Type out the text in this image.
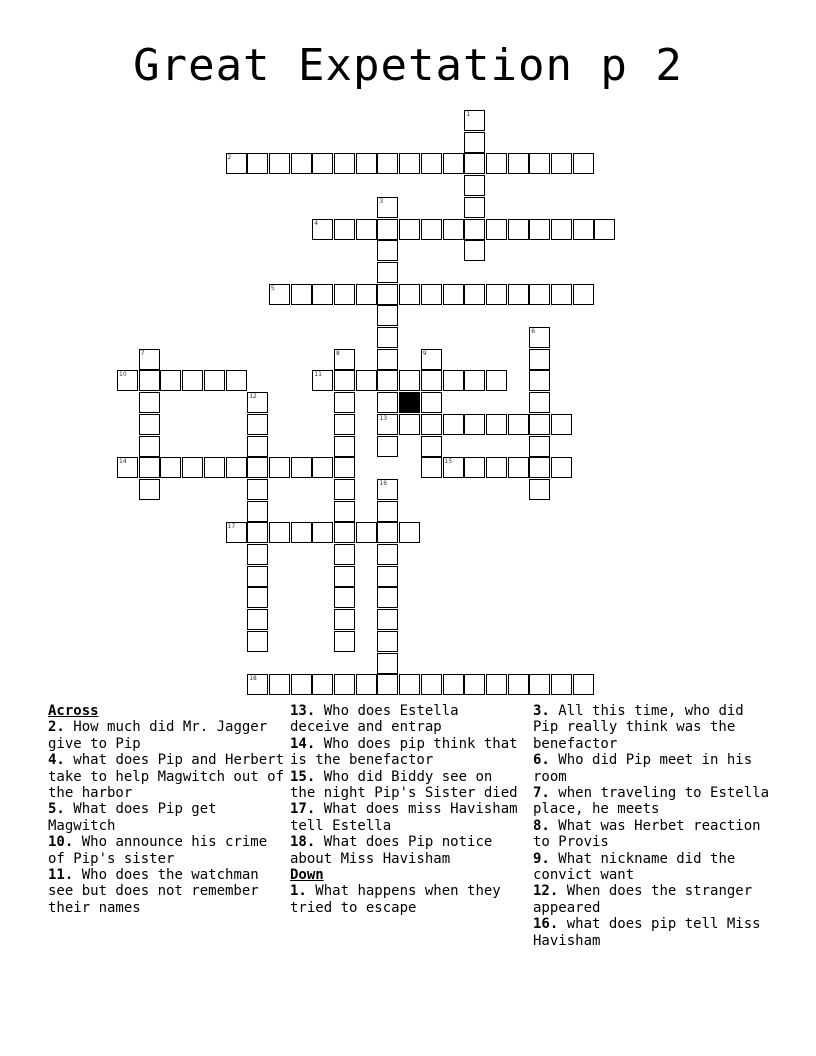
Great Expetation p 2
1
2
3
13
4
5
6
7	8	9
10	11
12
14	15
16
17
18

Across

2. How much did Mr. Jagger give to Pip

4. what does Pip and Herbert take to help Magwitch out of the harbor

5. What does Pip get Magwitch

10. Who announce his crime of Pip's sister

11. Who does the watchman see but does not remember their names

13. Who does Estella deceive and entrap

14. Who does pip think that is the benefactor

15. Who did Biddy see on the night Pip's Sister died

17. What does miss Havisham tell Estella

18. What does Pip notice about Miss Havisham

Down

1. What happens when they tried to escape

3. All this time, who did Pip really think was the benefactor

6. Who did Pip meet in his room

7. when traveling to Estella place, he meets

8. What was Herbet reaction to Provis

9. What nickname did the convict want

12. When does the stranger appeared

16. what does pip tell Miss Havisham
